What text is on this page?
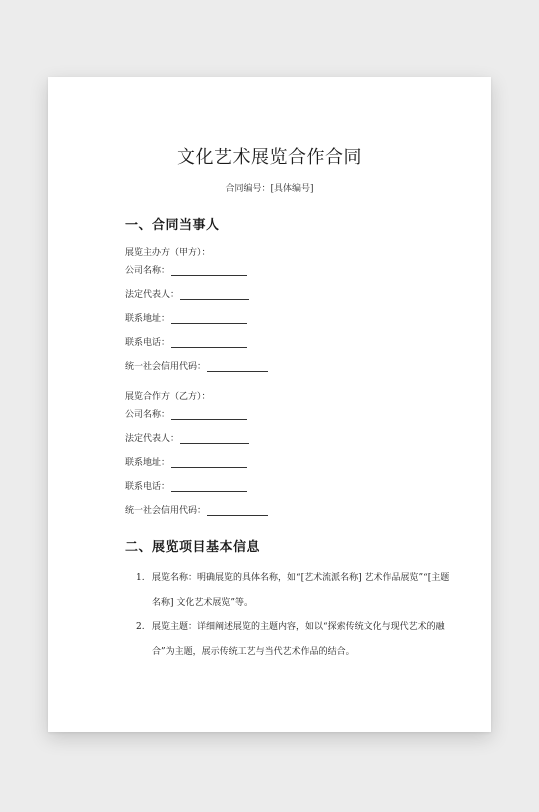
文化艺术展览合作合同
合同编号：[具体编号]
一、合同当事人
展览主办方（甲方）：
公司名称：
法定代表人：
联系地址：
联系电话：
统一社会信用代码：
展览合作方（乙方）：
公司名称：
法定代表人：
联系地址：
联系电话：
统一社会信用代码：
二、展览项目基本信息
1. 展览名称：明确展览的具体名称，如“[艺术流派名称] 艺术作品展览”“[主题名称] 文化艺术展览”等。
2. 展览主题：详细阐述展览的主题内容，如以“探索传统文化与现代艺术的融合”为主题，展示传统工艺与当代艺术作品的结合。
